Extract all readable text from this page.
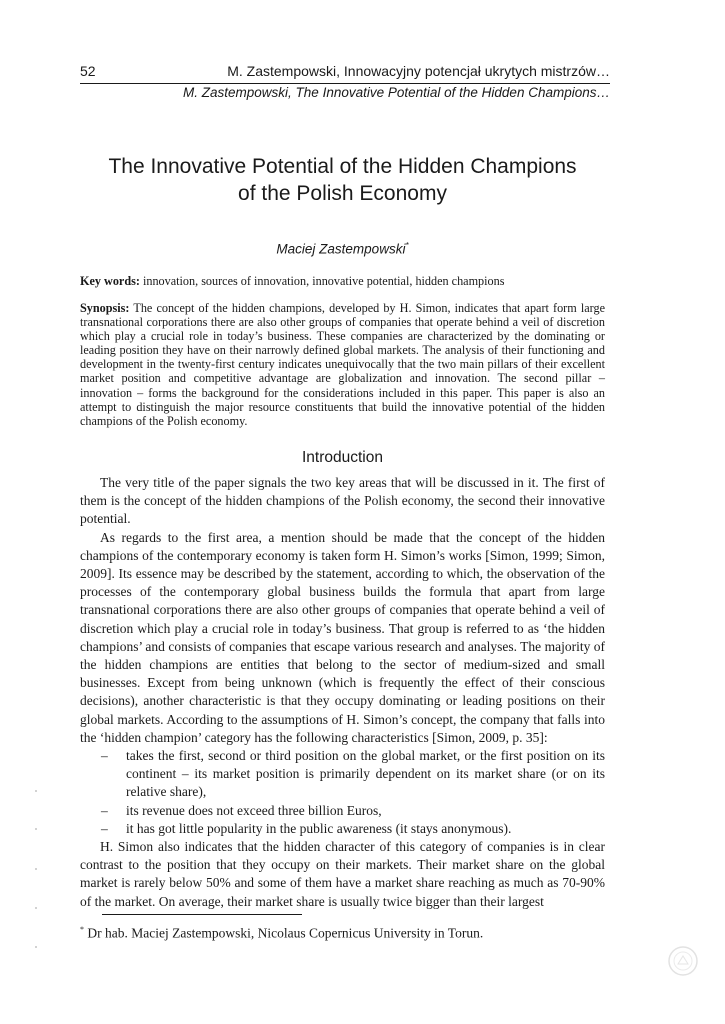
52	M. Zastempowski, Innowacyjny potencjał ukrytych mistrzów…
M. Zastempowski, The Innovative Potential of the Hidden Champions…
The Innovative Potential of the Hidden Champions
of the Polish Economy
Maciej Zastempowski*
Key words: innovation, sources of innovation, innovative potential, hidden champions
Synopsis: The concept of the hidden champions, developed by H. Simon, indicates that apart form large transnational corporations there are also other groups of companies that operate behind a veil of discretion which play a crucial role in today’s business. These companies are characterized by the dominating or leading position they have on their narrowly defined global markets. The analysis of their functioning and development in the twenty-first century indicates unequivocally that the two main pillars of their excellent market position and competitive advantage are globalization and innovation. The second pillar – innovation – forms the background for the considerations included in this paper. This paper is also an attempt to distinguish the major resource constituents that build the innovative potential of the hidden champions of the Polish economy.
Introduction

The very title of the paper signals the two key areas that will be discussed in it. The first of them is the concept of the hidden champions of the Polish economy, the second their innovative potential.

As regards to the first area, a mention should be made that the concept of the hidden champions of the contemporary economy is taken form H. Simon’s works [Simon, 1999; Simon, 2009]. Its essence may be described by the statement, according to which, the observation of the processes of the contemporary global business builds the formula that apart from large transnational corporations there are also other groups of companies that operate behind a veil of discretion which play a crucial role in today’s business. That group is referred to as ‘the hidden champions’ and consists of companies that escape various research and analyses. The majority of the hidden champions are entities that belong to the sector of medium-sized and small businesses. Except from being unknown (which is frequently the effect of their conscious decisions), another characteristic is that they occupy dominating or leading positions on their global markets. According to the assumptions of H. Simon’s concept, the company that falls into the ‘hidden champion’ category has the following characteristics [Simon, 2009, p. 35]:

– takes the first, second or third position on the global market, or the first position on its continent – its market position is primarily dependent on its market share (or on its relative share),
– its revenue does not exceed three billion Euros,
– it has got little popularity in the public awareness (it stays anonymous).

H. Simon also indicates that the hidden character of this category of companies is in clear contrast to the position that they occupy on their markets. Their market share on the global market is rarely below 50% and some of them have a market share reaching as much as 70-90% of the market. On average, their market share is usually twice bigger than their largest

* Dr hab. Maciej Zastempowski, Nicolaus Copernicus University in Torun.
